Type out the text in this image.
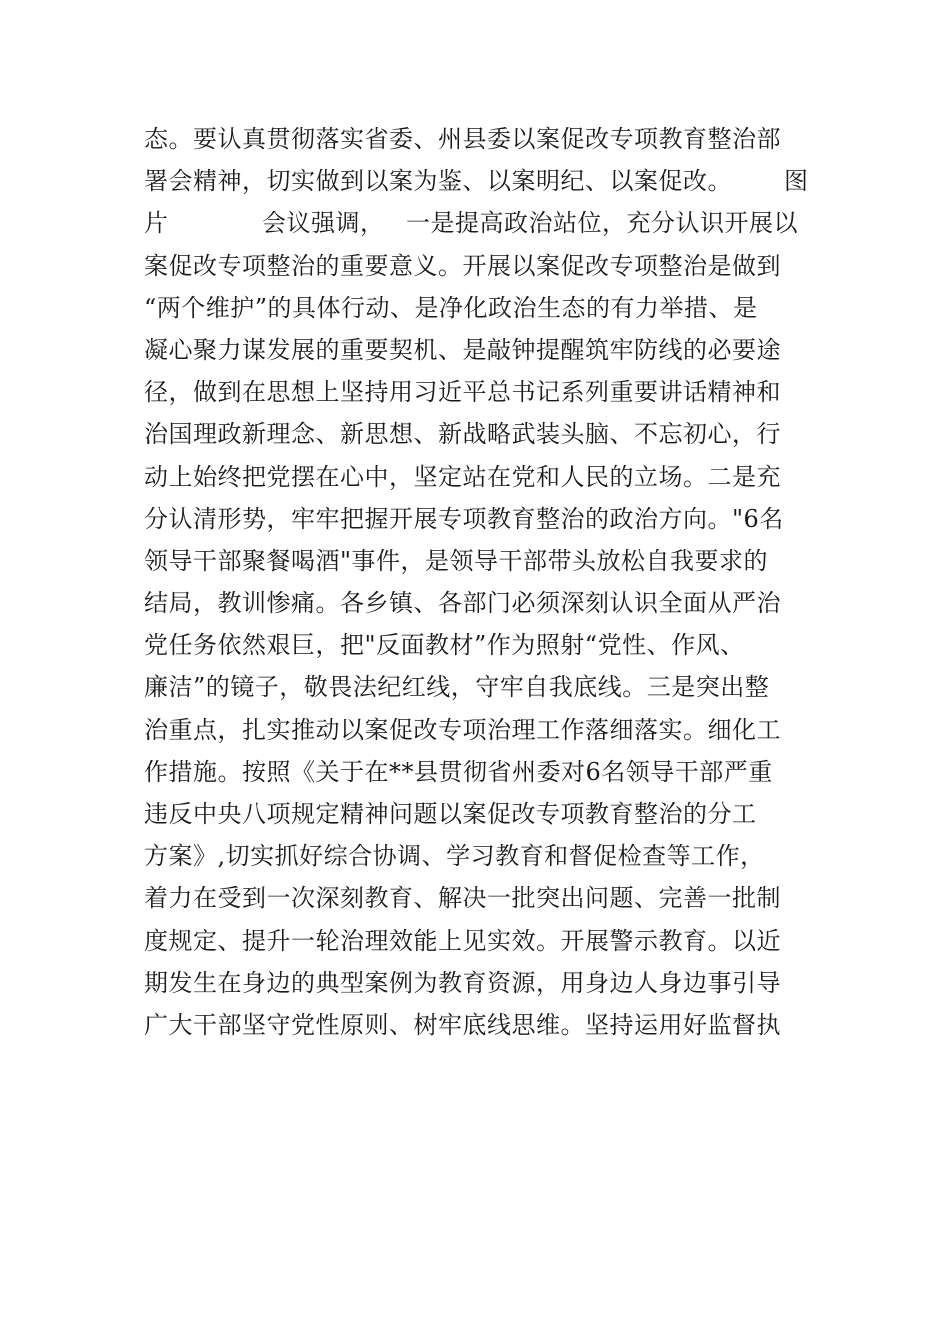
态。要认真贯彻落实省委、州县委以案促改专项教育整治部
署会精神，切实做到以案为鉴、以案明纪、以案促改。 图
片	会议强调， 一是提高政治站位，充分认识开展以
案促改专项整治的重要意义。开展以案促改专项整治是做到
“两个维护”的具体行动、是净化政治生态的有力举措、是
凝心聚力谋发展的重要契机、是敲钟提醒筑牢防线的必要途
径，做到在思想上坚持用习近平总书记系列重要讲话精神和
治国理政新理念、新思想、新战略武装头脑、不忘初心，行
动上始终把党摆在心中，坚定站在党和人民的立场。二是充
分认清形势，牢牢把握开展专项教育整治的政治方向。"6名
领导干部聚餐喝酒"事件，是领导干部带头放松自我要求的
结局，教训惨痛。各乡镇、各部门必须深刻认识全面从严治
党任务依然艰巨，把"反面教材”作为照射“党性、作风、
廉洁”的镜子，敬畏法纪红线，守牢自我底线。三是突出整
治重点，扎实推动以案促改专项治理工作落细落实。细化工
作措施。按照《关于在**县贯彻省州委对6名领导干部严重
违反中央八项规定精神问题以案促改专项教育整治的分工
方案》,切实抓好综合协调、学习教育和督促检查等工作，
着力在受到一次深刻教育、解决一批突出问题、完善一批制
度规定、提升一轮治理效能上见实效。开展警示教育。以近
期发生在身边的典型案例为教育资源，用身边人身边事引导
广大干部坚守党性原则、树牢底线思维。坚持运用好监督执
